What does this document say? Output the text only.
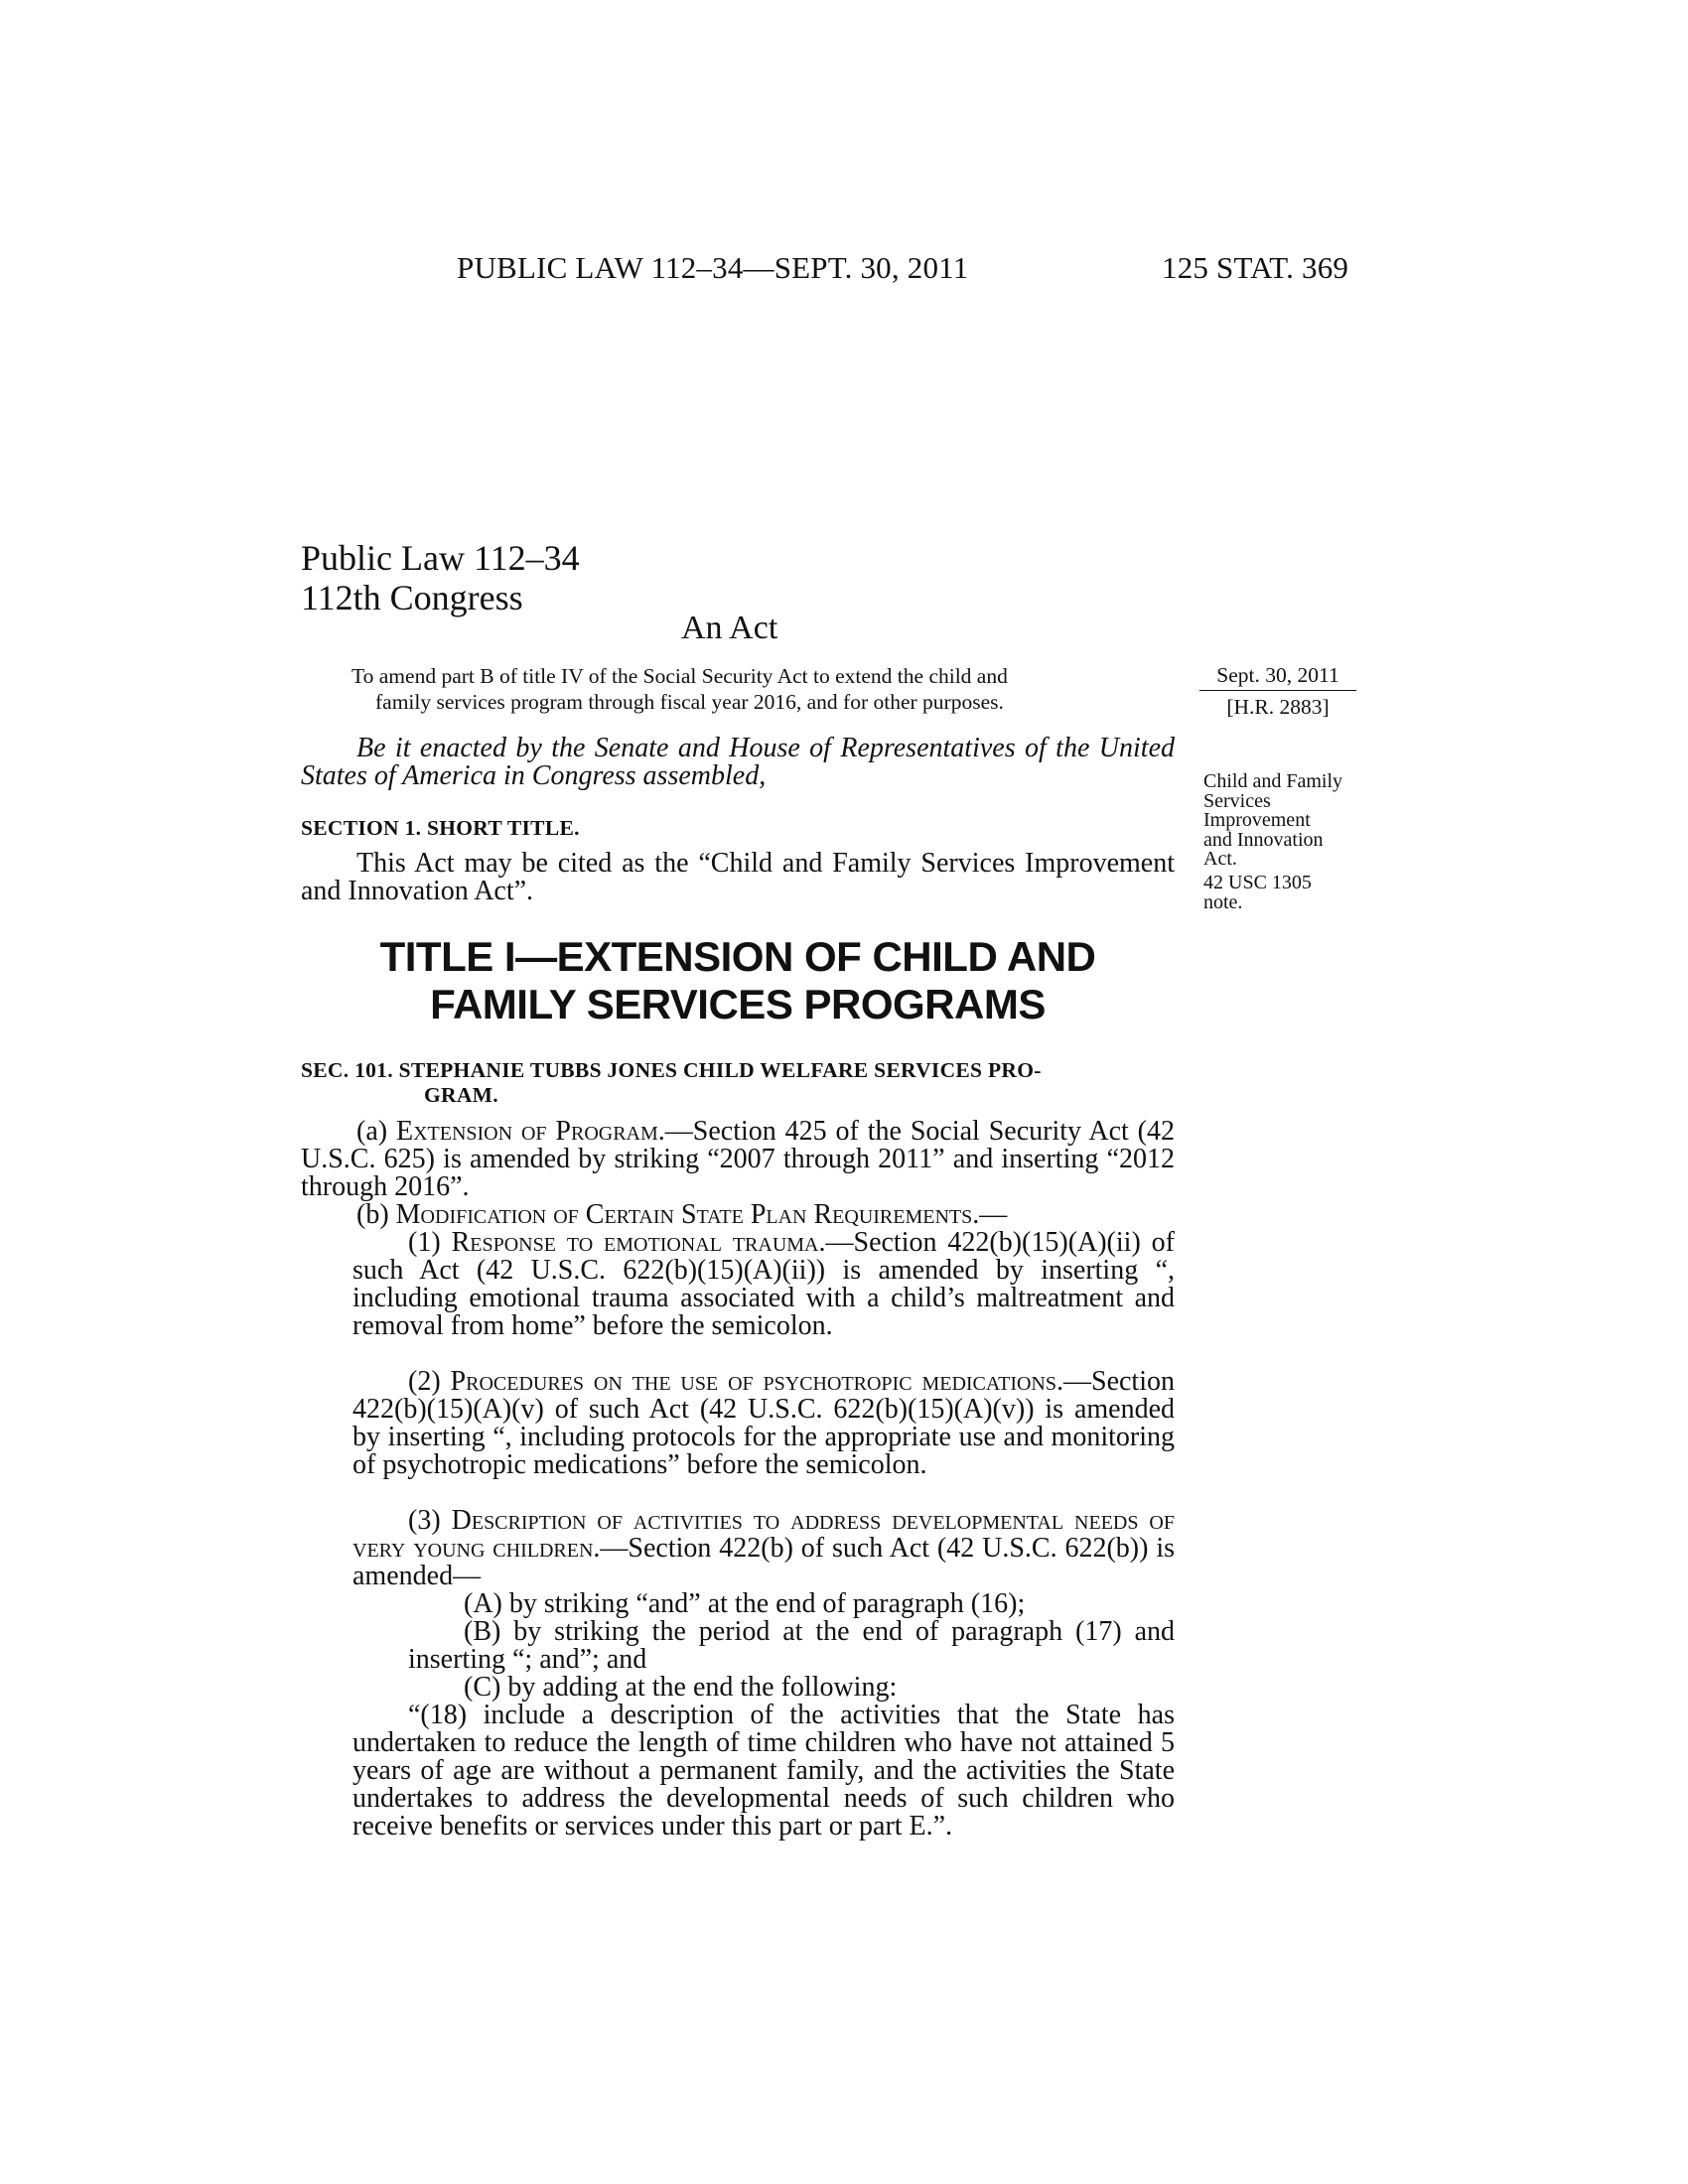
PUBLIC LAW 112–34—SEPT. 30, 2011	125 STAT. 369
Public Law 112–34
112th Congress
An Act
To amend part B of title IV of the Social Security Act to extend the child and
family services program through fiscal year 2016, and for other purposes.
Sept. 30, 2011
[H.R. 2883]
Be it enacted by the Senate and House of Representatives of the United States of America in Congress assembled,
SECTION 1. SHORT TITLE.
This Act may be cited as the “Child and Family Services Improvement and Innovation Act”.
Child and Family
Services
Improvement
and Innovation
Act.
42 USC 1305
note.
TITLE I—EXTENSION OF CHILD AND
FAMILY SERVICES PROGRAMS
SEC. 101. STEPHANIE TUBBS JONES CHILD WELFARE SERVICES PRO-
GRAM.
(a) Extension of Program.—Section 425 of the Social Security Act (42 U.S.C. 625) is amended by striking “2007 through 2011” and inserting “2012 through 2016”.
(b) Modification of Certain State Plan Requirements.—
(1) Response to emotional trauma.—Section 422(b)(15)(A)(ii) of such Act (42 U.S.C. 622(b)(15)(A)(ii)) is amended by inserting “, including emotional trauma associated with a child’s maltreatment and removal from home” before the semicolon.
(2) Procedures on the use of psychotropic medications.—Section 422(b)(15)(A)(v) of such Act (42 U.S.C. 622(b)(15)(A)(v)) is amended by inserting “, including protocols for the appropriate use and monitoring of psychotropic medications” before the semicolon.
(3) Description of activities to address developmental needs of very young children.—Section 422(b) of such Act (42 U.S.C. 622(b)) is amended—
(A) by striking “and” at the end of paragraph (16);
(B) by striking the period at the end of paragraph (17) and inserting “; and”; and
(C) by adding at the end the following:
“(18) include a description of the activities that the State has undertaken to reduce the length of time children who have not attained 5 years of age are without a permanent family, and the activities the State undertakes to address the developmental needs of such children who receive benefits or services under this part or part E.”.
